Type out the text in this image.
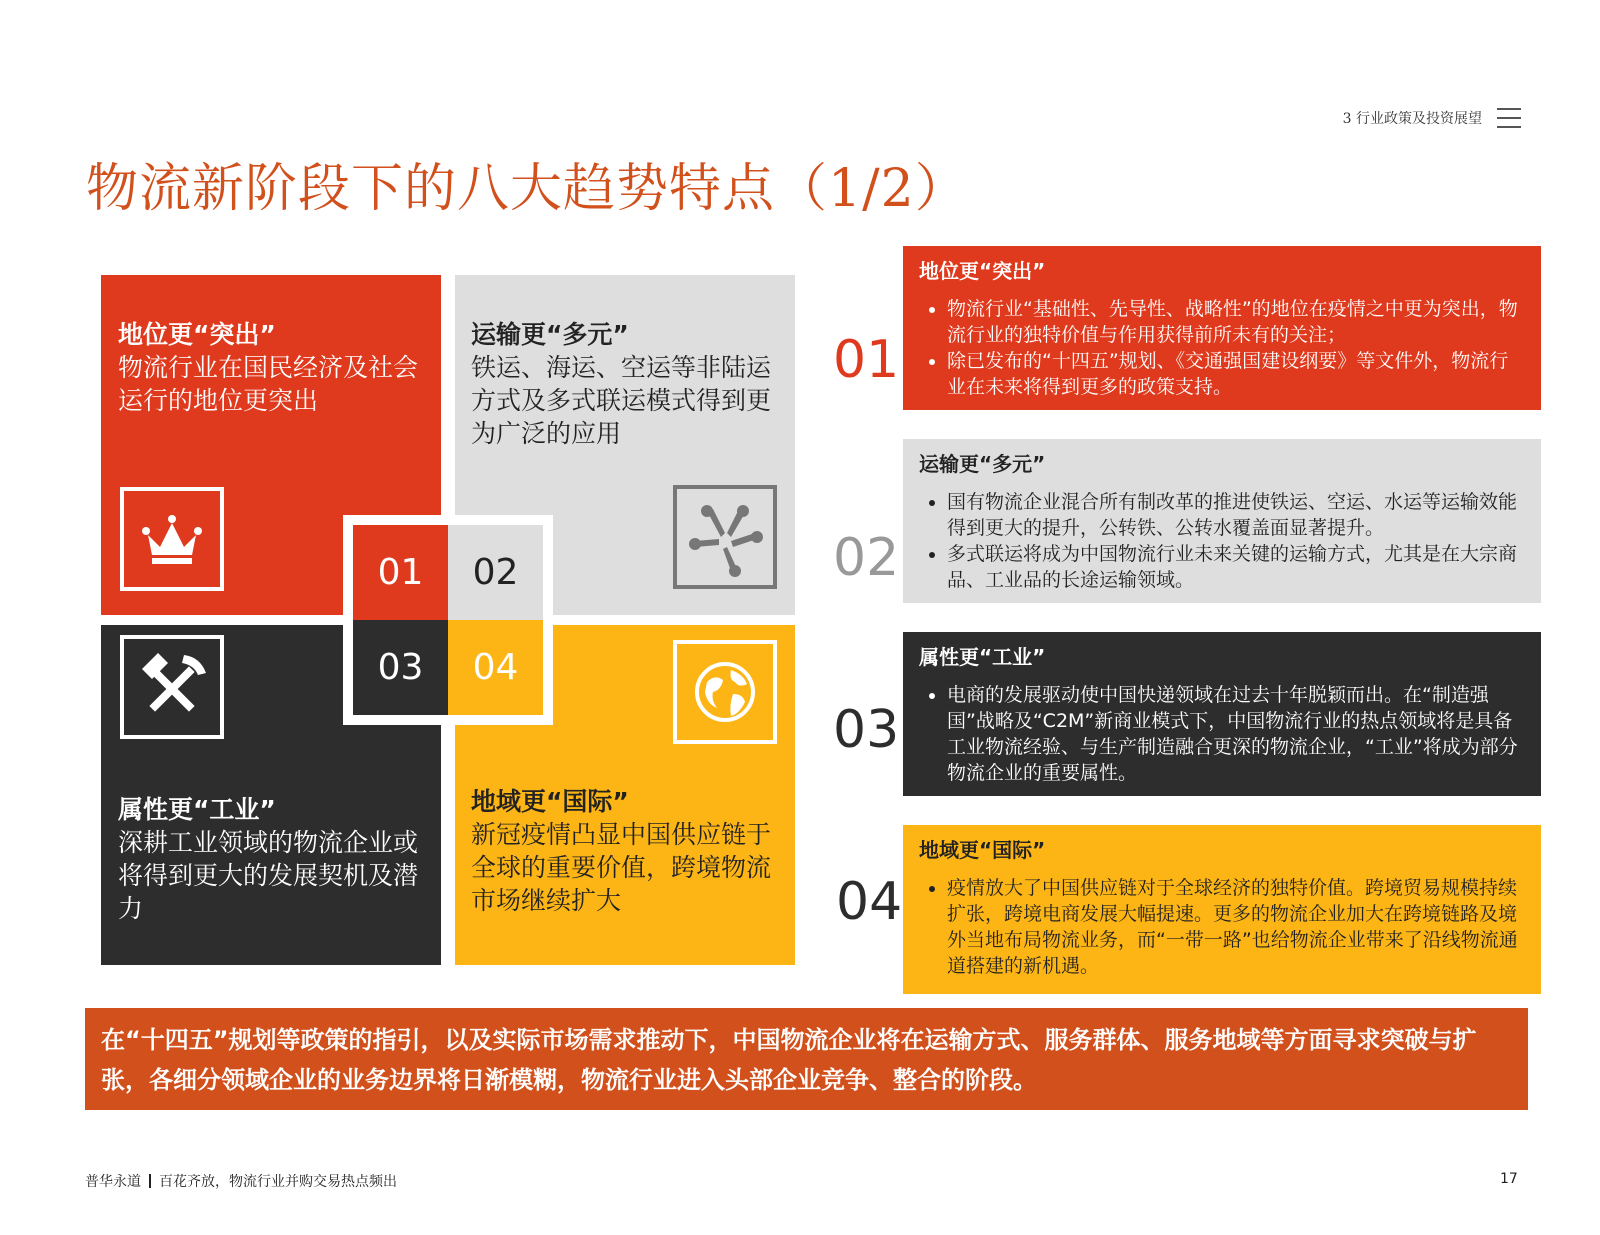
3 行业政策及投资展望
物流新阶段下的八大趋势特点（1/2）
地位更“突出”
物流行业在国民经济及社会运行的地位更突出
运输更“多元”
铁运、海运、空运等非陆运方式及多式联运模式得到更为广泛的应用
属性更“工业”
深耕工业领域的物流企业或将得到更大的发展契机及潜力
地域更“国际”
新冠疫情凸显中国供应链于全球的重要价值，跨境物流市场继续扩大
01	02
03	04
01
02
03
04
地位更“突出”
• 物流行业“基础性、先导性、战略性”的地位在疫情之中更为突出，物流行业的独特价值与作用获得前所未有的关注；
• 除已发布的“十四五”规划、《交通强国建设纲要》等文件外，物流行业在未来将得到更多的政策支持。
运输更“多元”
• 国有物流企业混合所有制改革的推进使铁运、空运、水运等运输效能得到更大的提升，公转铁、公转水覆盖面显著提升。
• 多式联运将成为中国物流行业未来关键的运输方式，尤其是在大宗商品、工业品的长途运输领域。
属性更“工业”
• 电商的发展驱动使中国快递领域在过去十年脱颖而出。在“制造强国”战略及“C2M”新商业模式下，中国物流行业的热点领域将是具备工业物流经验、与生产制造融合更深的物流企业，“工业”将成为部分物流企业的重要属性。
地域更“国际”
• 疫情放大了中国供应链对于全球经济的独特价值。跨境贸易规模持续扩张，跨境电商发展大幅提速。更多的物流企业加大在跨境链路及境外当地布局物流业务，而“一带一路”也给物流企业带来了沿线物流通道搭建的新机遇。
在“十四五”规划等政策的指引，以及实际市场需求推动下，中国物流企业将在运输方式、服务群体、服务地域等方面寻求突破与扩张，各细分领域企业的业务边界将日渐模糊，物流行业进入头部企业竞争、整合的阶段。
普华永道 百花齐放，物流行业并购交易热点频出	17
